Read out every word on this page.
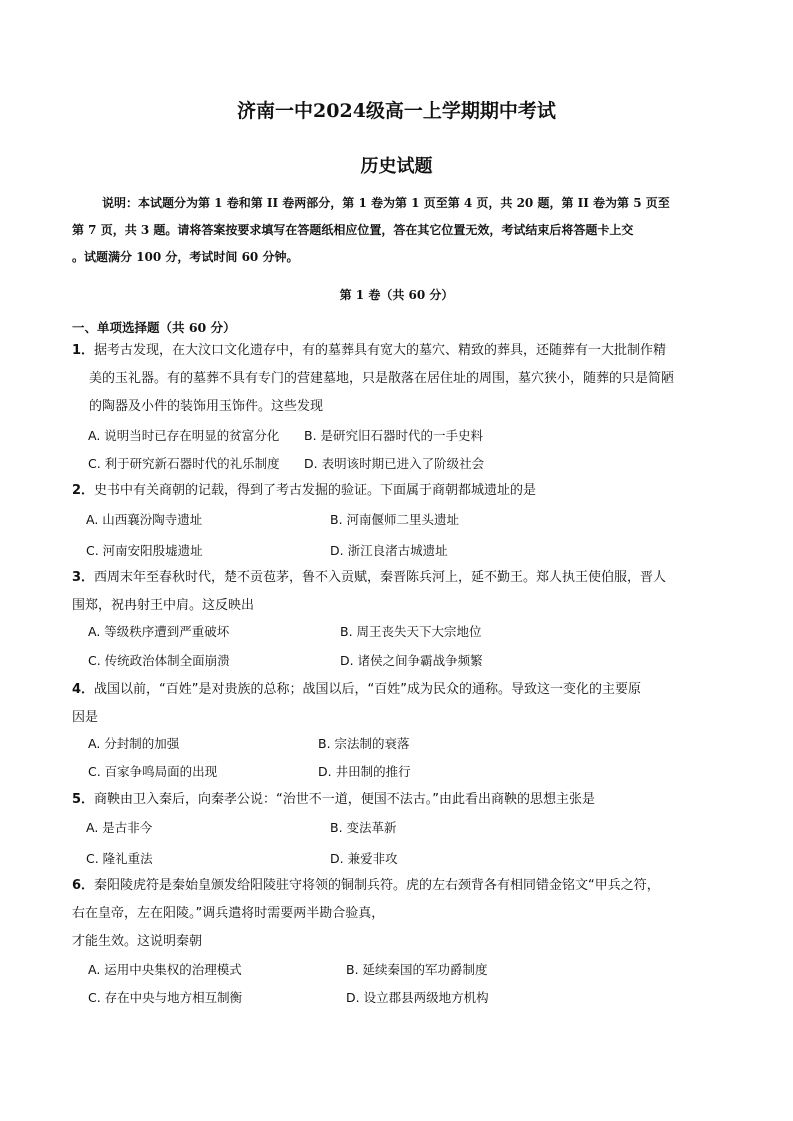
济南一中2024级高一上学期期中考试
历史试题
说明：本试题分为第 1 卷和第 II 卷两部分，第 1 卷为第 1 页至第 4 页，共 20 题，第 II 卷为第 5 页至
第 7 页，共 3 题。请将答案按要求填写在答题纸相应位置，答在其它位置无效，考试结束后将答题卡上交
。试题满分 100 分，考试时间 60 分钟。
第 1 卷（共 60 分）
一、单项选择题（共 60 分）
1．据考古发现，在大汶口文化遗存中，有的墓葬具有宽大的墓穴、精致的葬具，还随葬有一大批制作精
美的玉礼器。有的墓葬不具有专门的营建墓地，只是散落在居住址的周围，墓穴狭小，随葬的只是简陋
的陶器及小件的装饰用玉饰件。这些发现
A. 说明当时已存在明显的贫富分化 B. 是研究旧石器时代的一手史料
C. 利于研究新石器时代的礼乐制度 D. 表明该时期已进入了阶级社会
2．史书中有关商朝的记载，得到了考古发掘的验证。下面属于商朝都城遗址的是
A. 山西襄汾陶寺遗址	B. 河南偃师二里头遗址
C. 河南安阳殷墟遗址	D. 浙江良渚古城遗址
3．西周末年至春秋时代，楚不贡苞茅，鲁不入贡赋，秦晋陈兵河上，延不勤王。郑人执王使伯服，晋人
围郑，祝冉射王中肩。这反映出
A. 等级秩序遭到严重破坏	B. 周王丧失天下大宗地位
C. 传统政治体制全面崩溃	D. 诸侯之间争霸战争频繁
4．战国以前，“百姓”是对贵族的总称；战国以后，“百姓”成为民众的通称。导致这一变化的主要原
因是
A. 分封制的加强	B. 宗法制的衰落
C. 百家争鸣局面的出现	D. 井田制的推行
5．商鞅由卫入秦后，向秦孝公说：“治世不一道，便国不法古。”由此看出商鞅的思想主张是
A. 是古非今	B. 变法革新
C. 隆礼重法	D. 兼爱非攻
6．秦阳陵虎符是秦始皇颁发给阳陵驻守将领的铜制兵符。虎的左右颈背各有相同错金铭文“甲兵之符，
右在皇帝，左在阳陵。”调兵遣将时需要两半勘合验真，
才能生效。这说明秦朝
A. 运用中央集权的治理模式	B. 延续秦国的军功爵制度
C. 存在中央与地方相互制衡	D. 设立郡县两级地方机构
